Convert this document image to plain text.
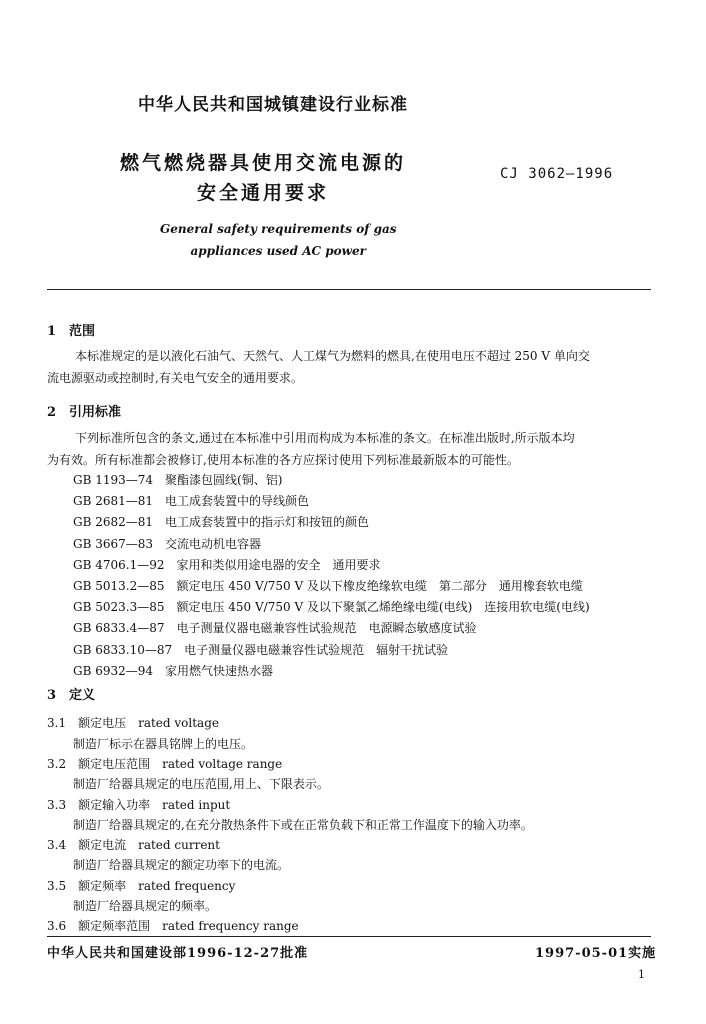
中华人民共和国城镇建设行业标准
燃气燃烧器具使用交流电源的
安全通用要求
CJ 3062—1996
General safety requirements of gas
appliances used AC power
1　范围
本标准规定的是以液化石油气、天然气、人工煤气为燃料的燃具,在使用电压不超过 250 V 单向交
流电源驱动或控制时,有关电气安全的通用要求。
2　引用标准
下列标准所包含的条文,通过在本标准中引用而构成为本标准的条文。在标准出版时,所示版本均
为有效。所有标准都会被修订,使用本标准的各方应探讨使用下列标准最新版本的可能性。
GB 1193—74　聚酯漆包圆线(铜、铝)
GB 2681—81　电工成套装置中的导线颜色
GB 2682—81　电工成套装置中的指示灯和按钮的颜色
GB 3667—83　交流电动机电容器
GB 4706.1—92　家用和类似用途电器的安全　通用要求
GB 5013.2—85　额定电压 450 V/750 V 及以下橡皮绝缘软电缆　第二部分　通用橡套软电缆
GB 5023.3—85　额定电压 450 V/750 V 及以下聚氯乙烯绝缘电缆(电线)　连接用软电缆(电线)
GB 6833.4—87　电子测量仪器电磁兼容性试验规范　电源瞬态敏感度试验
GB 6833.10—87　电子测量仪器电磁兼容性试验规范　辐射干扰试验
GB 6932—94　家用燃气快速热水器
3　定义
3.1　额定电压　rated voltage
制造厂标示在器具铭牌上的电压。
3.2　额定电压范围　rated voltage range
制造厂给器具规定的电压范围,用上、下限表示。
3.3　额定输入功率　rated input
制造厂给器具规定的,在充分散热条件下或在正常负载下和正常工作温度下的输入功率。
3.4　额定电流　rated current
制造厂给器具规定的额定功率下的电流。
3.5　额定频率　rated frequency
制造厂给器具规定的频率。
3.6　额定频率范围　rated frequency range
中华人民共和国建设部1996-12-27批准	1997-05-01实施
1
